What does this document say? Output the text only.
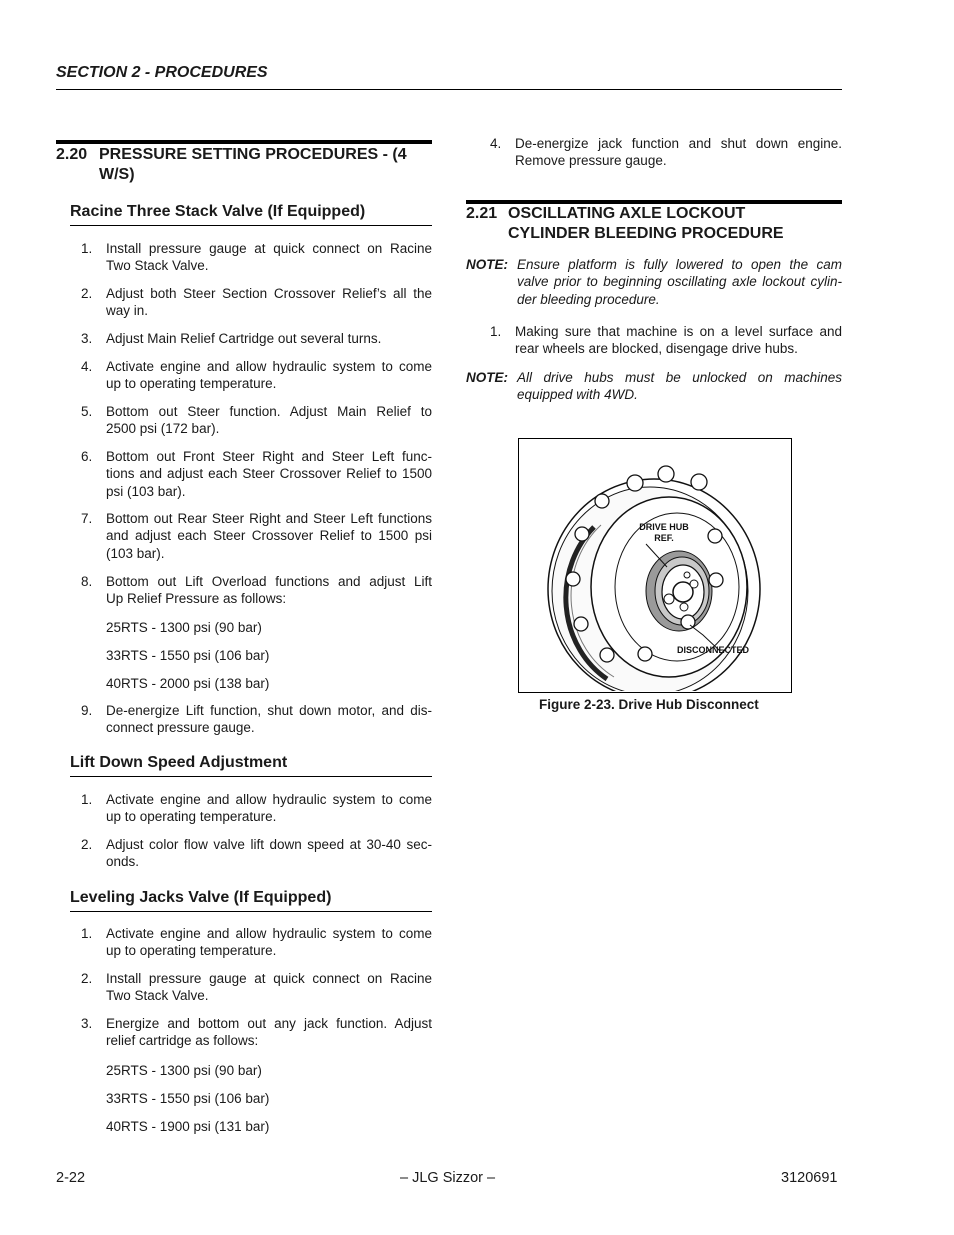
SECTION 2 - PROCEDURES
2.20 PRESSURE SETTING PROCEDURES - (4
W/S)
Racine Three Stack Valve (If Equipped)
1. Install pressure gauge at quick connect on Racine
Two Stack Valve.
2. Adjust both Steer Section Crossover Relief’s all the
way in.
3. Adjust Main Relief Cartridge out several turns.
4. Activate engine and allow hydraulic system to come
up to operating temperature.
5. Bottom out Steer function. Adjust Main Relief to
2500 psi (172 bar).
6. Bottom out Front Steer Right and Steer Left func-
tions and adjust each Steer Crossover Relief to 1500
psi (103 bar).
7. Bottom out Rear Steer Right and Steer Left functions
and adjust each Steer Crossover Relief to 1500 psi
(103 bar).
8. Bottom out Lift Overload functions and adjust Lift
Up Relief Pressure as follows:
9. De-energize Lift function, shut down motor, and dis-
connect pressure gauge.
25RTS - 1300 psi (90 bar)
33RTS - 1550 psi (106 bar)
40RTS - 2000 psi (138 bar)
Lift Down Speed Adjustment
1. Activate engine and allow hydraulic system to come
up to operating temperature.
2. Adjust color flow valve lift down speed at 30-40 sec-
onds.
Leveling Jacks Valve (If Equipped)
1. Activate engine and allow hydraulic system to come
up to operating temperature.
2. Install pressure gauge at quick connect on Racine
Two Stack Valve.
3. Energize and bottom out any jack function. Adjust
relief cartridge as follows:
25RTS - 1300 psi (90 bar)
33RTS - 1550 psi (106 bar)
40RTS - 1900 psi (131 bar)
4. De-energize jack function and shut down engine.
Remove pressure gauge.
2.21 OSCILLATING AXLE LOCKOUT
CYLINDER BLEEDING PROCEDURE
NOTE: Ensure platform is fully lowered to open the cam
valve prior to beginning oscillating axle lockout cylin-
der bleeding procedure.
1. Making sure that machine is on a level surface and
rear wheels are blocked, disengage drive hubs.
NOTE: All drive hubs must be unlocked on machines
equipped with 4WD.
DRIVE HUB
REF.
DISCONNECTED
Figure 2-23. Drive Hub Disconnect
2-22	– JLG Sizzor –	3120691
